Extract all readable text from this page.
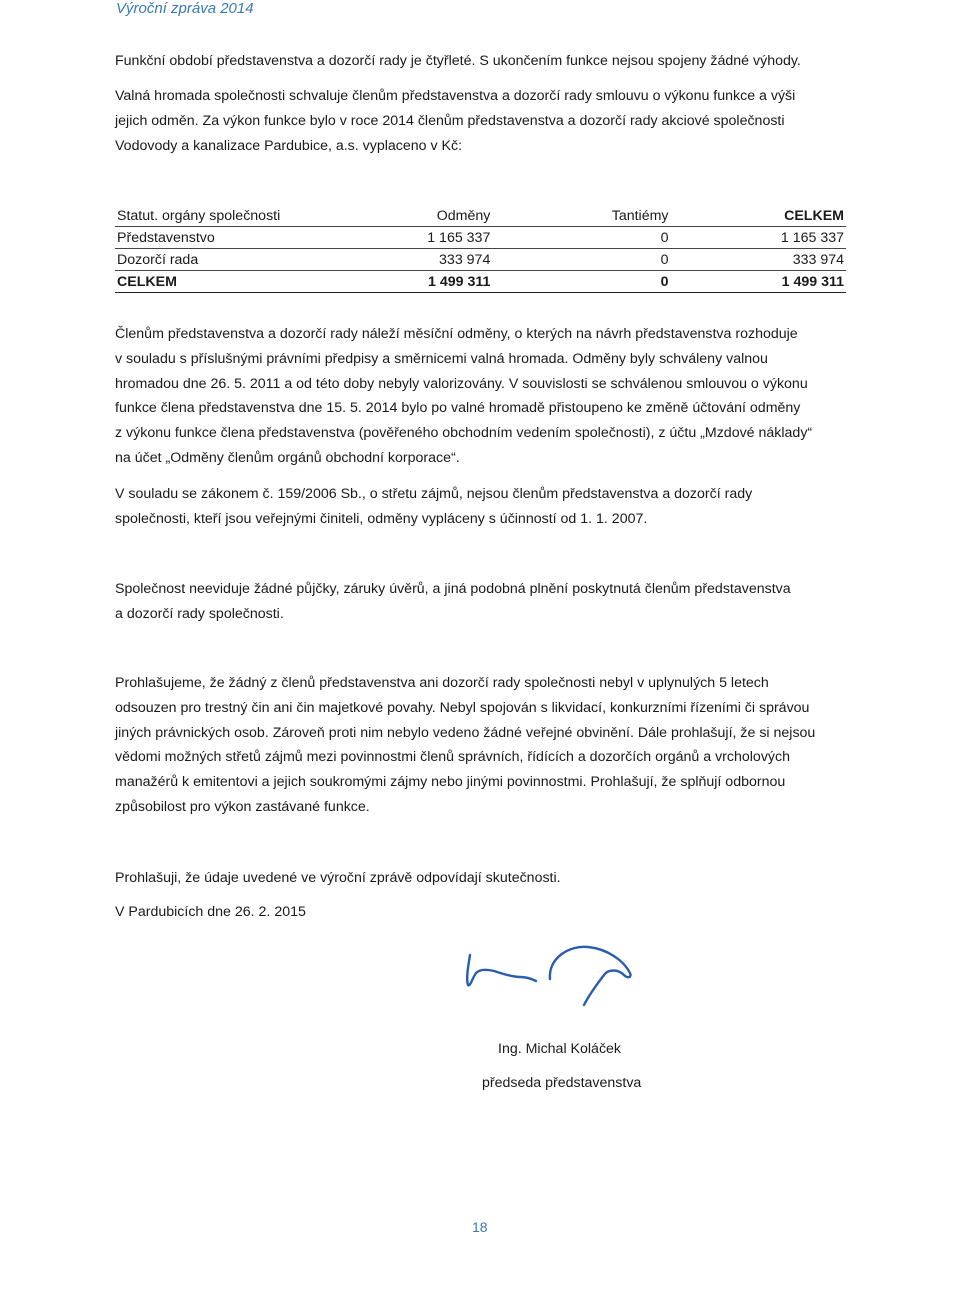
Výroční zpráva 2014
Funkční období představenstva a dozorčí rady je čtyřleté. S ukončením funkce nejsou spojeny žádné výhody.
Valná hromada společnosti schvaluje členům představenstva a dozorčí rady smlouvu o výkonu funkce a výši
jejich odměn. Za výkon funkce bylo v roce 2014 členům představenstva a dozorčí rady akciové společnosti
Vodovody a kanalizace Pardubice, a.s. vyplaceno v Kč:
Statut. orgány společnosti	Odměny	Tantiémy	CELKEM
Představenstvo	1 165 337	0	1 165 337
Dozorčí rada	333 974	0	333 974
CELKEM	1 499 311	0	1 499 311
Členům představenstva a dozorčí rady náleží měsíční odměny, o kterých na návrh představenstva rozhoduje
v souladu s příslušnými právními předpisy a směrnicemi valná hromada. Odměny byly schváleny valnou
hromadou dne 26. 5. 2011 a od této doby nebyly valorizovány. V souvislosti se schválenou smlouvou o výkonu
funkce člena představenstva dne 15. 5. 2014 bylo po valné hromadě přistoupeno ke změně účtování odměny
z výkonu funkce člena představenstva (pověřeného obchodním vedením společnosti), z účtu „Mzdové náklady“
na účet „Odměny členům orgánů obchodní korporace“.
V souladu se zákonem č. 159/2006 Sb., o střetu zájmů, nejsou členům představenstva a dozorčí rady
společnosti, kteří jsou veřejnými činiteli, odměny vypláceny s účinností od 1. 1. 2007.
Společnost neeviduje žádné půjčky, záruky úvěrů, a jiná podobná plnění poskytnutá členům představenstva
a dozorčí rady společnosti.
Prohlašujeme, že žádný z členů představenstva ani dozorčí rady společnosti nebyl v uplynulých 5 letech
odsouzen pro trestný čin ani čin majetkové povahy. Nebyl spojován s likvidací, konkurzními řízeními či správou
jiných právnických osob. Zároveň proti nim nebylo vedeno žádné veřejné obvinění. Dále prohlašují, že si nejsou
vědomi možných střetů zájmů mezi povinnostmi členů správních, řídících a dozorčích orgánů a vrcholových
manažérů k emitentovi a jejich soukromými zájmy nebo jinými povinnostmi. Prohlašují, že splňují odbornou
způsobilost pro výkon zastávané funkce.
Prohlašuji, že údaje uvedené ve výroční zprávě odpovídají skutečnosti.
V Pardubicích dne 26. 2. 2015
Ing. Michal Koláček
předseda představenstva
18
